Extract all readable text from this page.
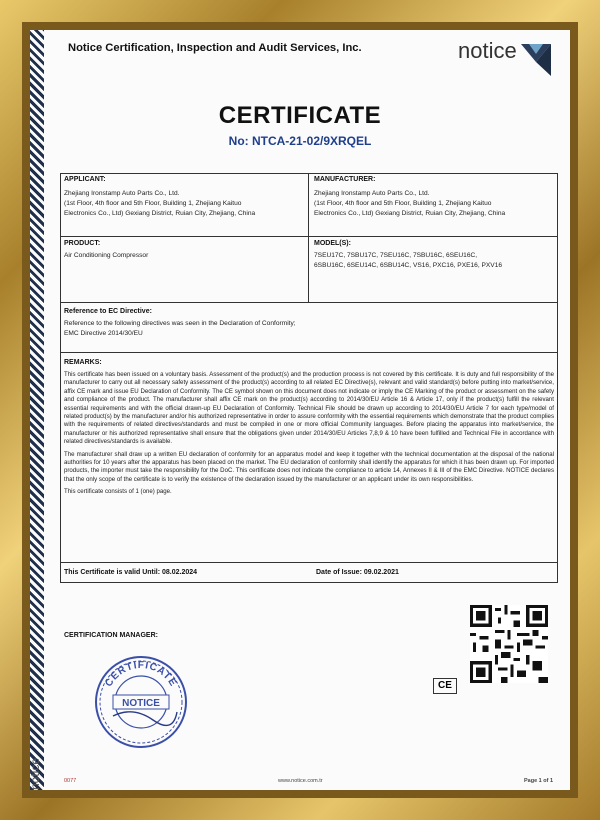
notice
Notice Certification, Inspection and Audit Services, Inc.	notice
CERTIFICATE
No: NTCA-21-02/9XRQEL
APPLICANT:
Zhejiang Ironstamp Auto Parts Co., Ltd.
(1st Floor, 4th floor and 5th Floor, Building 1, Zhejiang Kaituo
Electronics Co., Ltd) Gexiang District, Ruian City, Zhejiang, China
MANUFACTURER:
Zhejiang Ironstamp Auto Parts Co., Ltd.
(1st Floor, 4th floor and 5th Floor, Building 1, Zhejiang Kaituo
Electronics Co., Ltd) Gexiang District, Ruian City, Zhejiang, China
PRODUCT:
Air Conditioning Compressor
MODEL(S):
7SEU17C, 7SBU17C, 7SEU16C, 7SBU16C, 6SEU16C,
6SBU16C, 6SEU14C, 6SBU14C, VS16, PXC16, PXE16, PXV16
Reference to EC Directive:
Reference to the following directives was seen in the Declaration of Conformity;
EMC Directive 2014/30/EU
REMARKS:

This certificate has been issued on a voluntary basis. Assessment of the product(s) and the production process is not covered by this certificate. It is duty and full responsibility of the manufacturer to carry out all necessary safety assessment of the product(s) according to all related EC Directive(s), relevant and valid standard(s) before putting into market/service, affix CE mark and issue EU Declaration of Conformity. The CE symbol shown on this document does not indicate or imply the CE Marking of the product or assessment on the safety and compliance of the product. The manufacturer shall affix CE mark on the product(s) according to 2014/30/EU Article 16 & Article 17, only if the product(s) fulfill the relevant essential requirements and with the official drawn-up EU Declaration of Conformity. Technical File should be drawn up according to 2014/30/EU Article 7 for each type/model of related product(s) by the manufacturer and/or his authorized representative in order to assure conformity with the essential requirements which demonstrate that the product complies with the requirements of related directives/standards and must be compiled in one or more official Community languages. Before placing the apparatus into market/service, the manufacturer or his authorized representative shall ensure that the obligations given under 2014/30/EU Articles 7,8,9 & 10 have been fulfilled and Technical File in accordance with related directives/standards is available.

The manufacturer shall draw up a written EU declaration of conformity for an apparatus model and keep it together with the technical documentation at the disposal of the national authorities for 10 years after the apparatus has been placed on the market. The EU declaration of conformity shall identify the apparatus for which it has been drawn up. For imported products, the importer must take the responsibility for the DoC. This certificate does not indicate the compliance to article 14, Annexes II & III of the EMC Directive. NOTICE declares that the only scope of the certificate is to verify the existence of the declaration issued by the manufacturer or an applicant under its own responsibilities.

This certificate consists of 1 (one) page.

This Certificate is valid Until: 08.02.2024	Date of Issue: 09.02.2021
CERTIFICATION MANAGER:
CERTIFICATE
NOTICE
CE
0077	www.notice.com.tr	Page 1 of 1
